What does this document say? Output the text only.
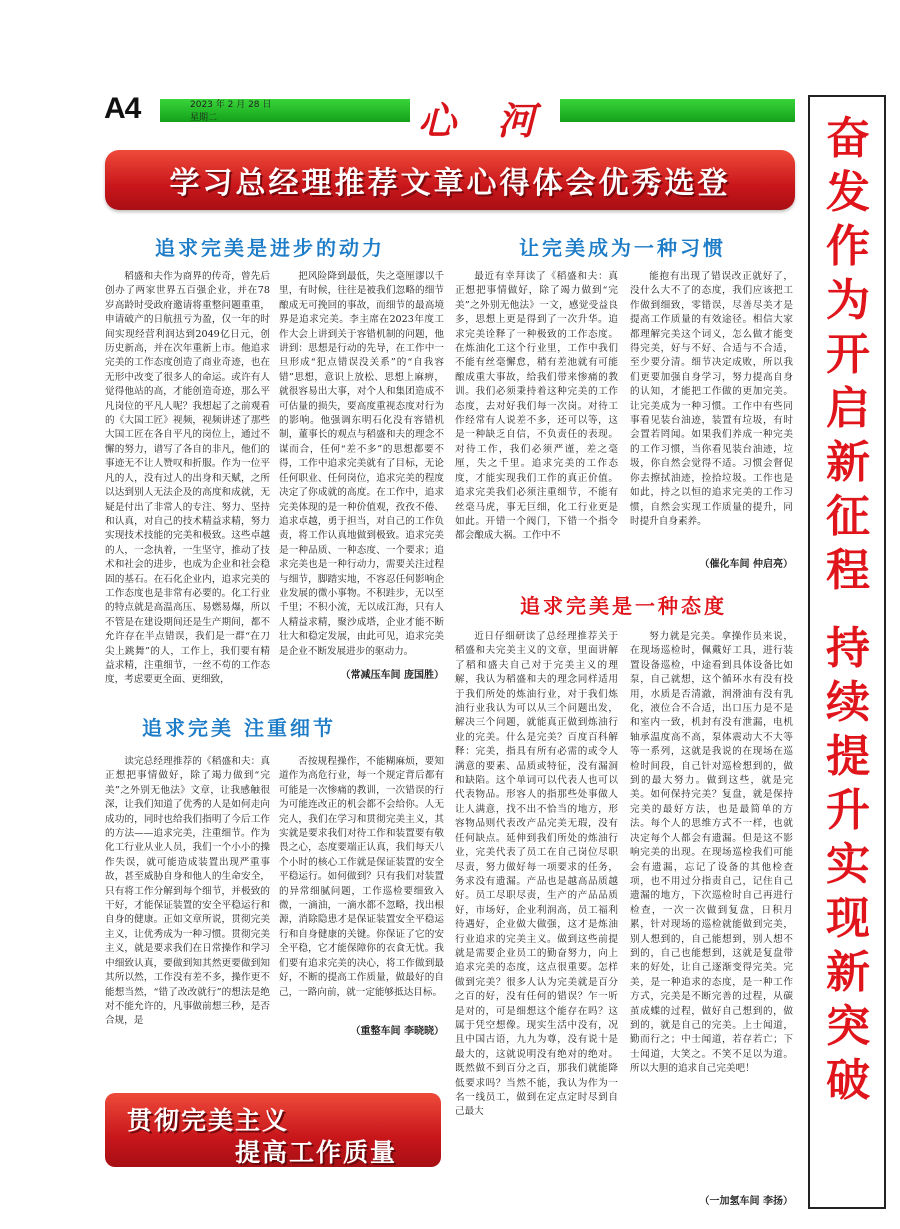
A4	2023 年 2 月 28 日
星期二	心 河
学习总经理推荐文章心得体会优秀选登
追求完美是进步的动力

稻盛和夫作为商界的传奇，曾先后创办了两家世界五百强企业，并在78岁高龄时受政府邀请将重整问题重重，申请破产的日航扭亏为盈，仅一年的时间实现经营利润达到2049亿日元，创历史新高，并在次年重新上市。他追求完美的工作态度创造了商业奇迹，也在无形中改变了很多人的命运。或许有人觉得他站的高，才能创造奇迹，那么平凡岗位的平凡人呢？我想起了之前观看的《大国工匠》视频，视频讲述了那些大国工匠在各自平凡的岗位上，通过不懈的努力，谱写了各自的非凡，他们的事迹无不让人赞叹和折服。作为一位平凡的人，没有过人的出身和天赋，之所以达到别人无法企及的高度和成就，无疑是付出了非常人的专注、努力、坚持和认真，对自己的技术精益求精，努力实现技术技能的完美和极致。这些卓越的人，一念执着，一生坚守，推动了技术和社会的进步，也成为企业和社会稳固的基石。在石化企业内，追求完美的工作态度也是非常有必要的。化工行业的特点就是高温高压、易燃易爆，所以不管是在建设期间还是生产期间，都不允许存在半点错误，我们是一群“在刀尖上跳舞”的人，工作上，我们要有精益求精，注重细节，一丝不苟的工作态度，考虑要更全面、更细致，

把风险降到最低，失之毫厘谬以千里，有时候，往往是被我们忽略的细节酿成无可挽回的事故，而细节的最高境界是追求完美。李主席在2023年度工作大会上讲到关于容错机制的问题，他讲到：思想是行动的先导，在工作中一旦形成“犯点错误没关系”的“自我容错”思想，意识上放松、思想上麻痹，就很容易出大事，对个人和集团造成不可估量的损失，要高度重视态度对行为的影响。他强调东明石化没有容错机制，董事长的观点与稻盛和夫的理念不谋而合，任何“差不多”的思想都要不得，工作中追求完美就有了目标，无论任何职业、任何岗位，追求完美的程度决定了你成就的高度。在工作中，追求完美体现的是一种价值观，孜孜不倦、追求卓越，勇于担当，对自己的工作负责，将工作认真地做到极致。追求完美是一种品质、一种态度、一个要求；追求完美也是一种行动力，需要关注过程与细节，脚踏实地，不容忍任何影响企业发展的微小事物。不积跬步，无以至千里；不积小流，无以成江海，只有人人精益求精，聚沙成塔，企业才能不断壮大和稳定发展，由此可见，追求完美是企业不断发展进步的驱动力。

（常减压车间 庞国胜）
追求完美 注重细节

读完总经理推荐的《稻盛和夫：真正想把事情做好，除了竭力做到“完美”之外别无他法》文章，让我感触很深，让我们知道了优秀的人是如何走向成功的，同时也给我们指明了今后工作的方法——追求完美，注重细节。作为化工行业从业人员，我们一个小小的操作失误，就可能造成装置出现严重事故，甚至威胁自身和他人的生命安全，只有将工作分解到每个细节，并极致的干好，才能保证装置的安全平稳运行和自身的健康。正如文章所说，贯彻完美主义，让优秀成为一种习惯。贯彻完美主义，就是要求我们在日常操作和学习中细致认真，要做到知其然更要做到知其所以然，工作没有差不多，操作更不能想当然，“错了改改就行”的想法是绝对不能允许的，凡事做前想三秒，是否合规，是

否按规程操作，不能糊麻烦，要知道作为高危行业，每一个规定背后都有可能是一次惨痛的教训，一次错误的行为可能连改正的机会都不会给你。人无完人，我们在学习和贯彻完美主义，其实就是要求我们对待工作和装置要有敬畏之心，态度要端正认真，我们每天八个小时的核心工作就是保证装置的安全平稳运行。如何做到？只有我们对装置的异常细腻问题，工作巡检要细致入微，一滴油，一滴水都不忽略，找出根源，消除隐患才是保证装置安全平稳运行和自身健康的关键。你保证了它的安全平稳，它才能保障你的衣食无忧。我们要有追求完美的决心，将工作做到最好，不断的提高工作质量，做最好的自己，一路向前，就一定能够抵达目标。

（重整车间 李晓晓）
贯彻完美主义
提高工作质量
让完美成为一种习惯

最近有幸拜读了《稻盛和夫：真正想把事情做好，除了竭力做到“完美”之外别无他法》一文，感觉受益良多，思想上更是得到了一次升华。追求完美诠释了一种极致的工作态度。在炼油化工这个行业里，工作中我们不能有丝毫懈怠，稍有差池就有可能酿成重大事故，给我们带来惨痛的教训。我们必须秉持着这种完美的工作态度，去对好我们每一次岗。对待工作经常有人说差不多，还可以等，这是一种缺乏自信，不负责任的表现。对待工作，我们必须严谨，差之毫厘，失之千里。追求完美的工作态度，才能实现我们工作的真正价值。追求完美我们必须注重细节，不能有丝毫马虎，事无巨细，化工行业更是如此。开错一个阀门，下错一个指令都会酿成大祸。工作中不

能抱有出现了错误改正就好了，没什么大不了的态度，我们应该把工作做到细致，零错误，尽善尽美才是提高工作质量的有效途径。相信大家都理解完美这个词义，怎么做才能变得完美，好与不好、合适与不合适，至少要分清。细节决定成败，所以我们更要加强自身学习，努力提高自身的认知，才能把工作做的更加完美。让完美成为一种习惯。工作中有些同事看见装台油迹，装置有垃圾，有时会置若罔闻。如果我们养成一种完美的工作习惯，当你看见装台油迹，垃圾，你自然会觉得不适。习惯会督促你去擦拭油迹，捡拾垃圾。工作也是如此，持之以恒的追求完美的工作习惯，自然会实现工作质量的提升，同时提升自身素养。

（催化车间 仲启亮）
追求完美是一种态度

近日仔细研读了总经理推荐关于稻盛和夫完美主义的文章，里面讲解了稻和盛夫自己对于完美主义的理解，我认为稻盛和夫的理念同样适用于我们所处的炼油行业，对于我们炼油行业我认为可以从三个问题出发，解决三个问题，就能真正做到炼油行业的完美。什么是完美？百度百科解释：完美，指具有所有必需的或令人满意的要素、品质或特征，没有漏洞和缺陷。这个单词可以代表人也可以代表物品。形容人的指那些处事做人让人满意，找不出不恰当的地方，形容物品则代表改产品完美无瑕，没有任何缺点。延伸到我们所处的炼油行业，完美代表了员工在自己岗位尽职尽责，努力做好每一项要求的任务，务求没有遗漏。产品也是越高品质越好。员工尽职尽责，生产的产品品质好，市场好，企业利润高，员工福利待遇好，企业做大做强，这才是炼油行业追求的完美主义。做到这些前提就是需要企业员工的勤奋努力，向上追求完美的态度，这点很重要。怎样做到完美？很多人认为完美就是百分之百的好，没有任何的错误？乍一听是对的，可是细想这个能存在吗？这属于凭空想像。现实生活中没有，况且中国古语，九九为尊，没有说十是最大的，这就说明没有绝对的绝对。既然做不到百分之百，那我们就能降低要求吗？当然不能，我认为作为一名一线员工，做到在定点定时尽到自己最大

努力就是完美。拿操作员来说，在现场巡检时，佩戴好工具，进行装置设备巡检，中途看到具体设备比如泵，自己就想，这个循环水有没有投用，水质是否清澈，润滑油有没有乳化，液位合不合适，出口压力是不是和室内一致，机封有没有泄漏，电机轴承温度高不高，泵体震动大不大等等一系列，这就是我说的在现场在巡检时间段，自己针对巡检想到的，做到的最大努力。做到这些，就是完美。如何保持完美？复盘，就是保持完美的最好方法，也是最简单的方法。每个人的思维方式不一样，也就决定每个人都会有遗漏。但是这不影响完美的出现。在现场巡检我们可能会有遗漏，忘记了设备的其他检查项，也不用过分指责自己，记住自己遗漏的地方，下次巡检时自己再进行检查，一次一次做到复盘，日积月累，针对现场的巡检就能做到完美，别人想到的，自己能想到，别人想不到的，自己也能想到，这就是复盘带来的好处，让自己逐渐变得完美。完美，是一种追求的态度，是一种工作方式，完美是不断完善的过程，从碳茧成蝶的过程，做好自己想到的，做到的，就是自己的完美。上士闻道，勤而行之；中士闻道，若存若亡；下士闻道，大笑之。不笑不足以为道。所以大胆的追求自己完美吧！

（一加氢车间 李扬）
奋发作为开启新征程
持续提升实现新突破
